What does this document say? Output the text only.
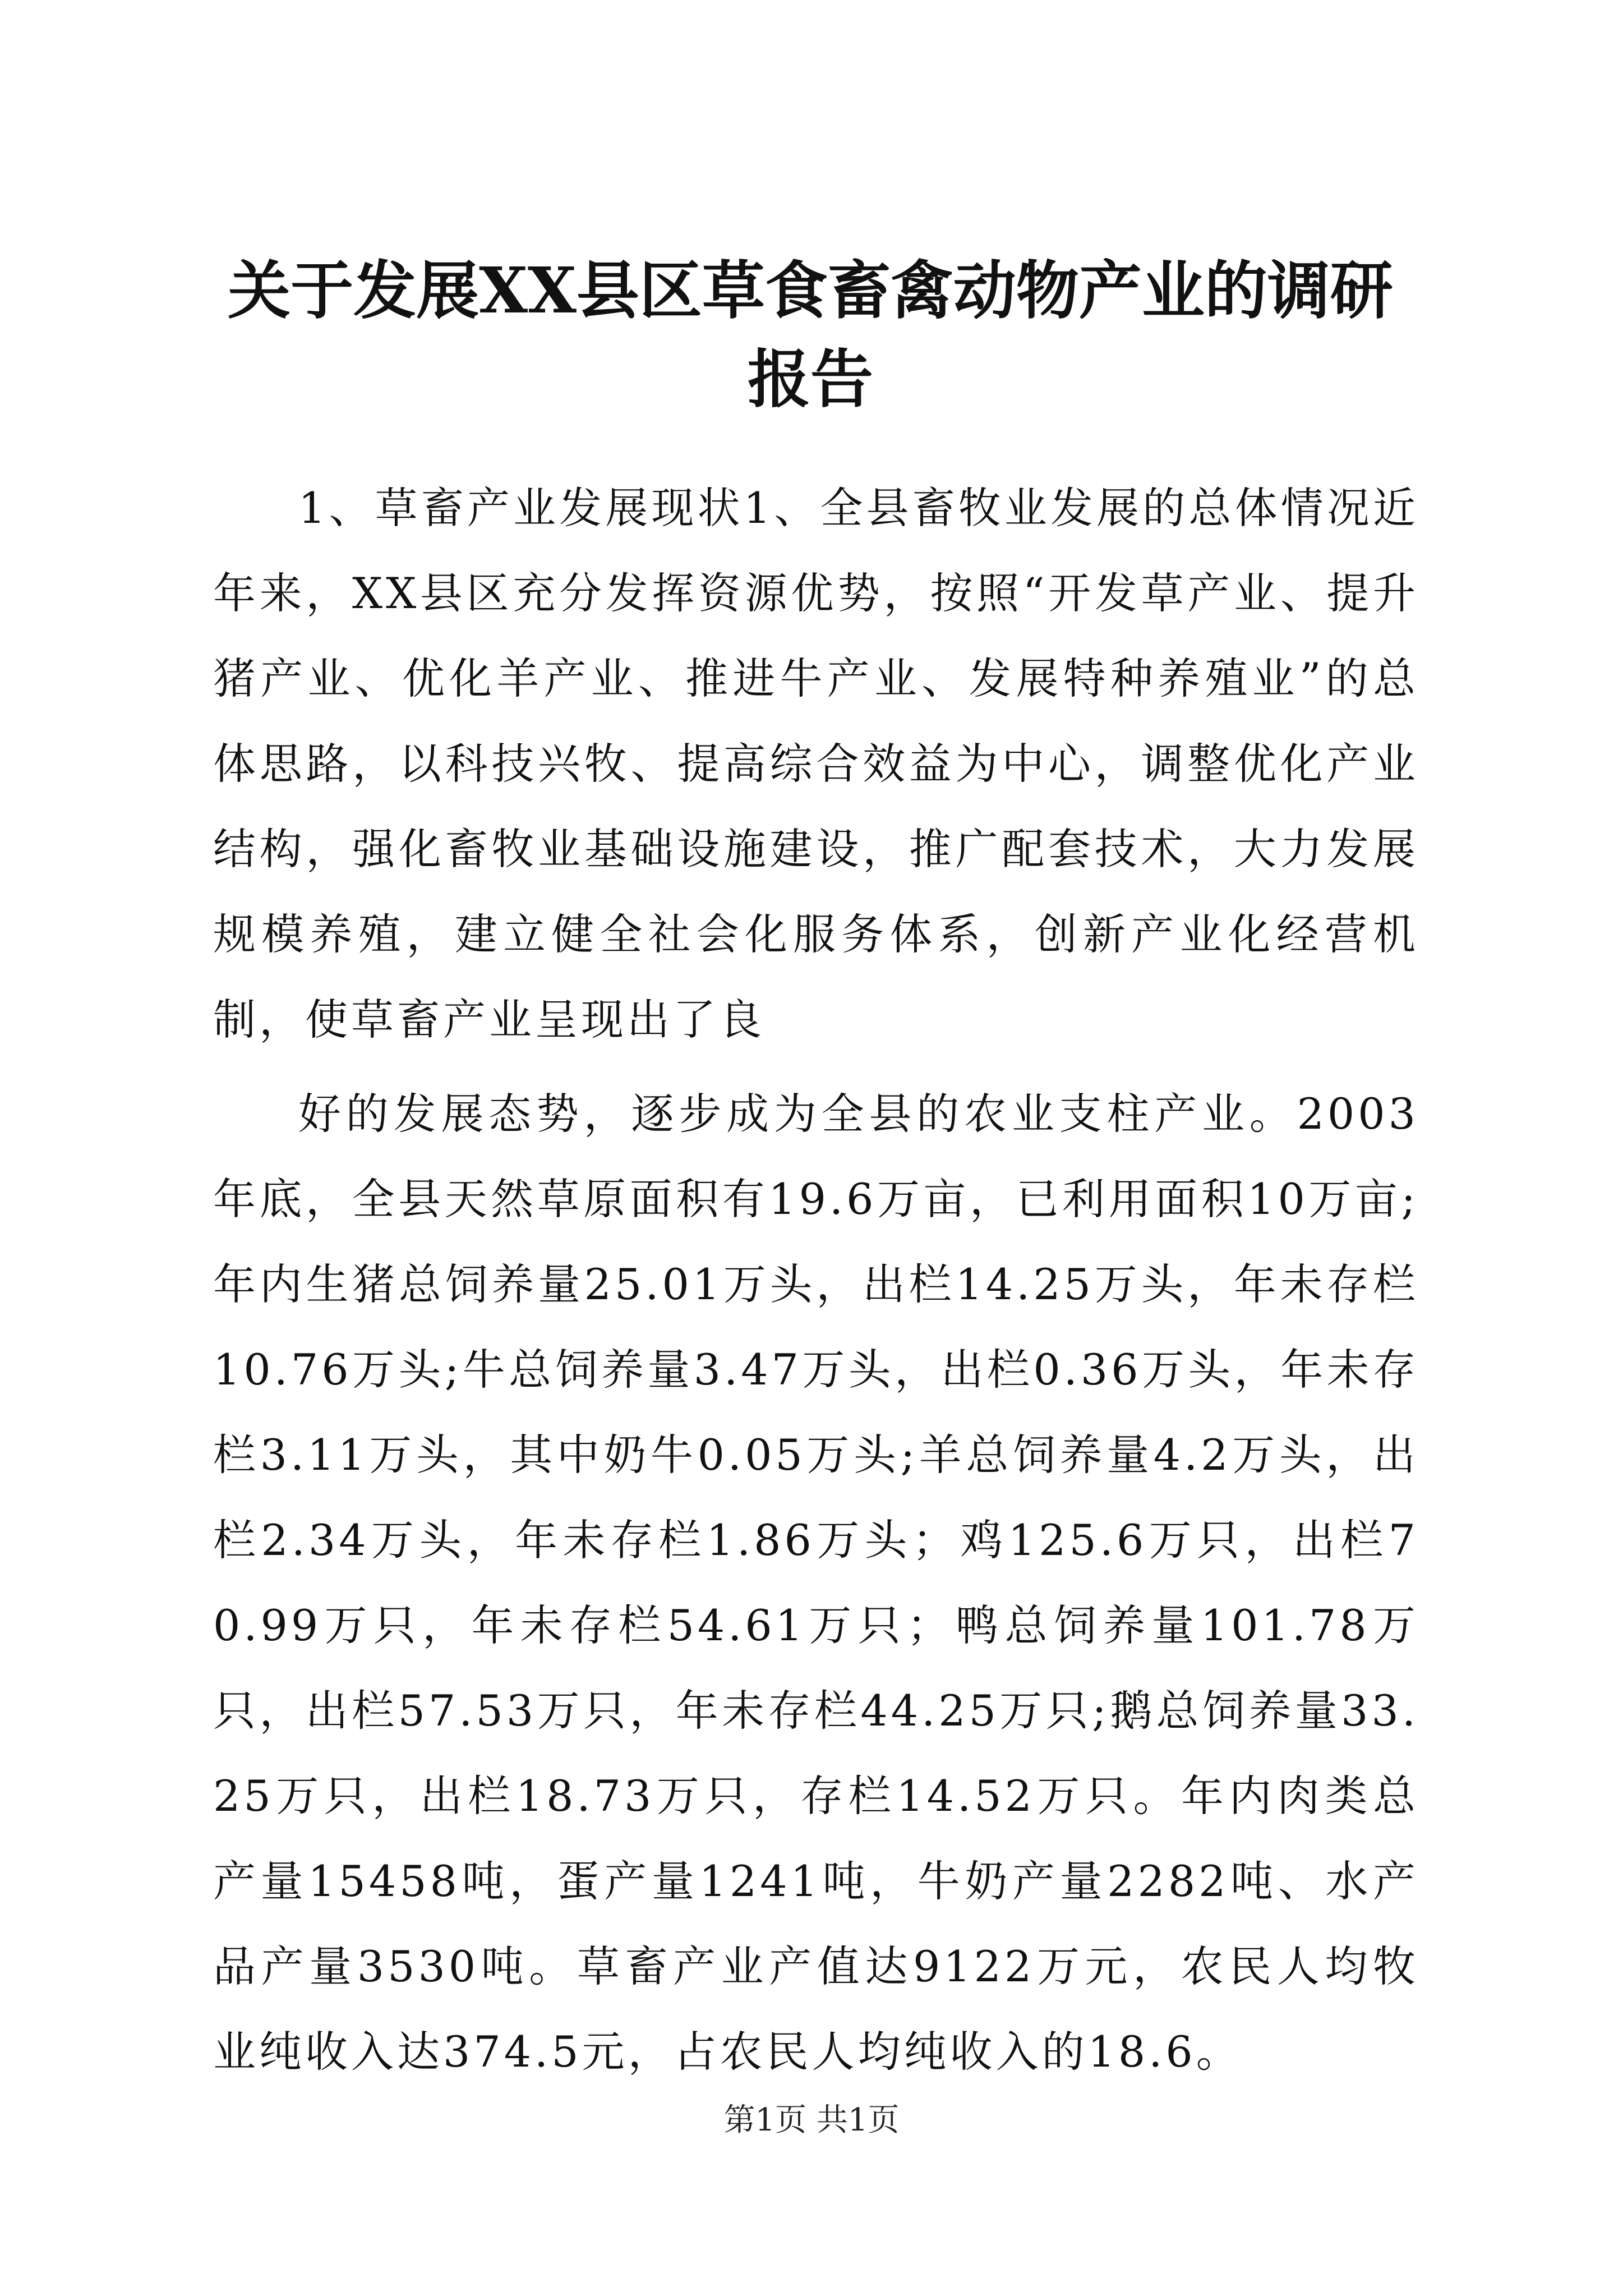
关于发展XX县区草食畜禽动物产业的调研报告

1、草畜产业发展现状1、全县畜牧业发展的总体情况近年来，XX县区充分发挥资源优势，按照“开发草产业、提升猪产业、优化羊产业、推进牛产业、发展特种养殖业”的总体思路，以科技兴牧、提高综合效益为中心，调整优化产业结构，强化畜牧业基础设施建设，推广配套技术，大力发展规模养殖，建立健全社会化服务体系，创新产业化经营机制，使草畜产业呈现出了良

好的发展态势，逐步成为全县的农业支柱产业。2003年底，全县天然草原面积有19.6万亩，已利用面积10万亩;年内生猪总饲养量25.01万头，出栏14.25万头，年未存栏10.76万头;牛总饲养量3.47万头，出栏0.36万头，年未存栏3.11万头，其中奶牛0.05万头;羊总饲养量4.2万头，出栏2.34万头，年未存栏1.86万头；鸡125.6万只，出栏70.99万只，年未存栏54.61万只；鸭总饲养量101.78万只，出栏57.53万只，年未存栏44.25万只;鹅总饲养量33.25万只，出栏18.73万只，存栏14.52万只。年内肉类总产量15458吨，蛋产量1241吨，牛奶产量2282吨、水产品产量3530吨。草畜产业产值达9122万元，农民人均牧业纯收入达374.5元，占农民人均纯收入的18.6。

第1页 共1页
